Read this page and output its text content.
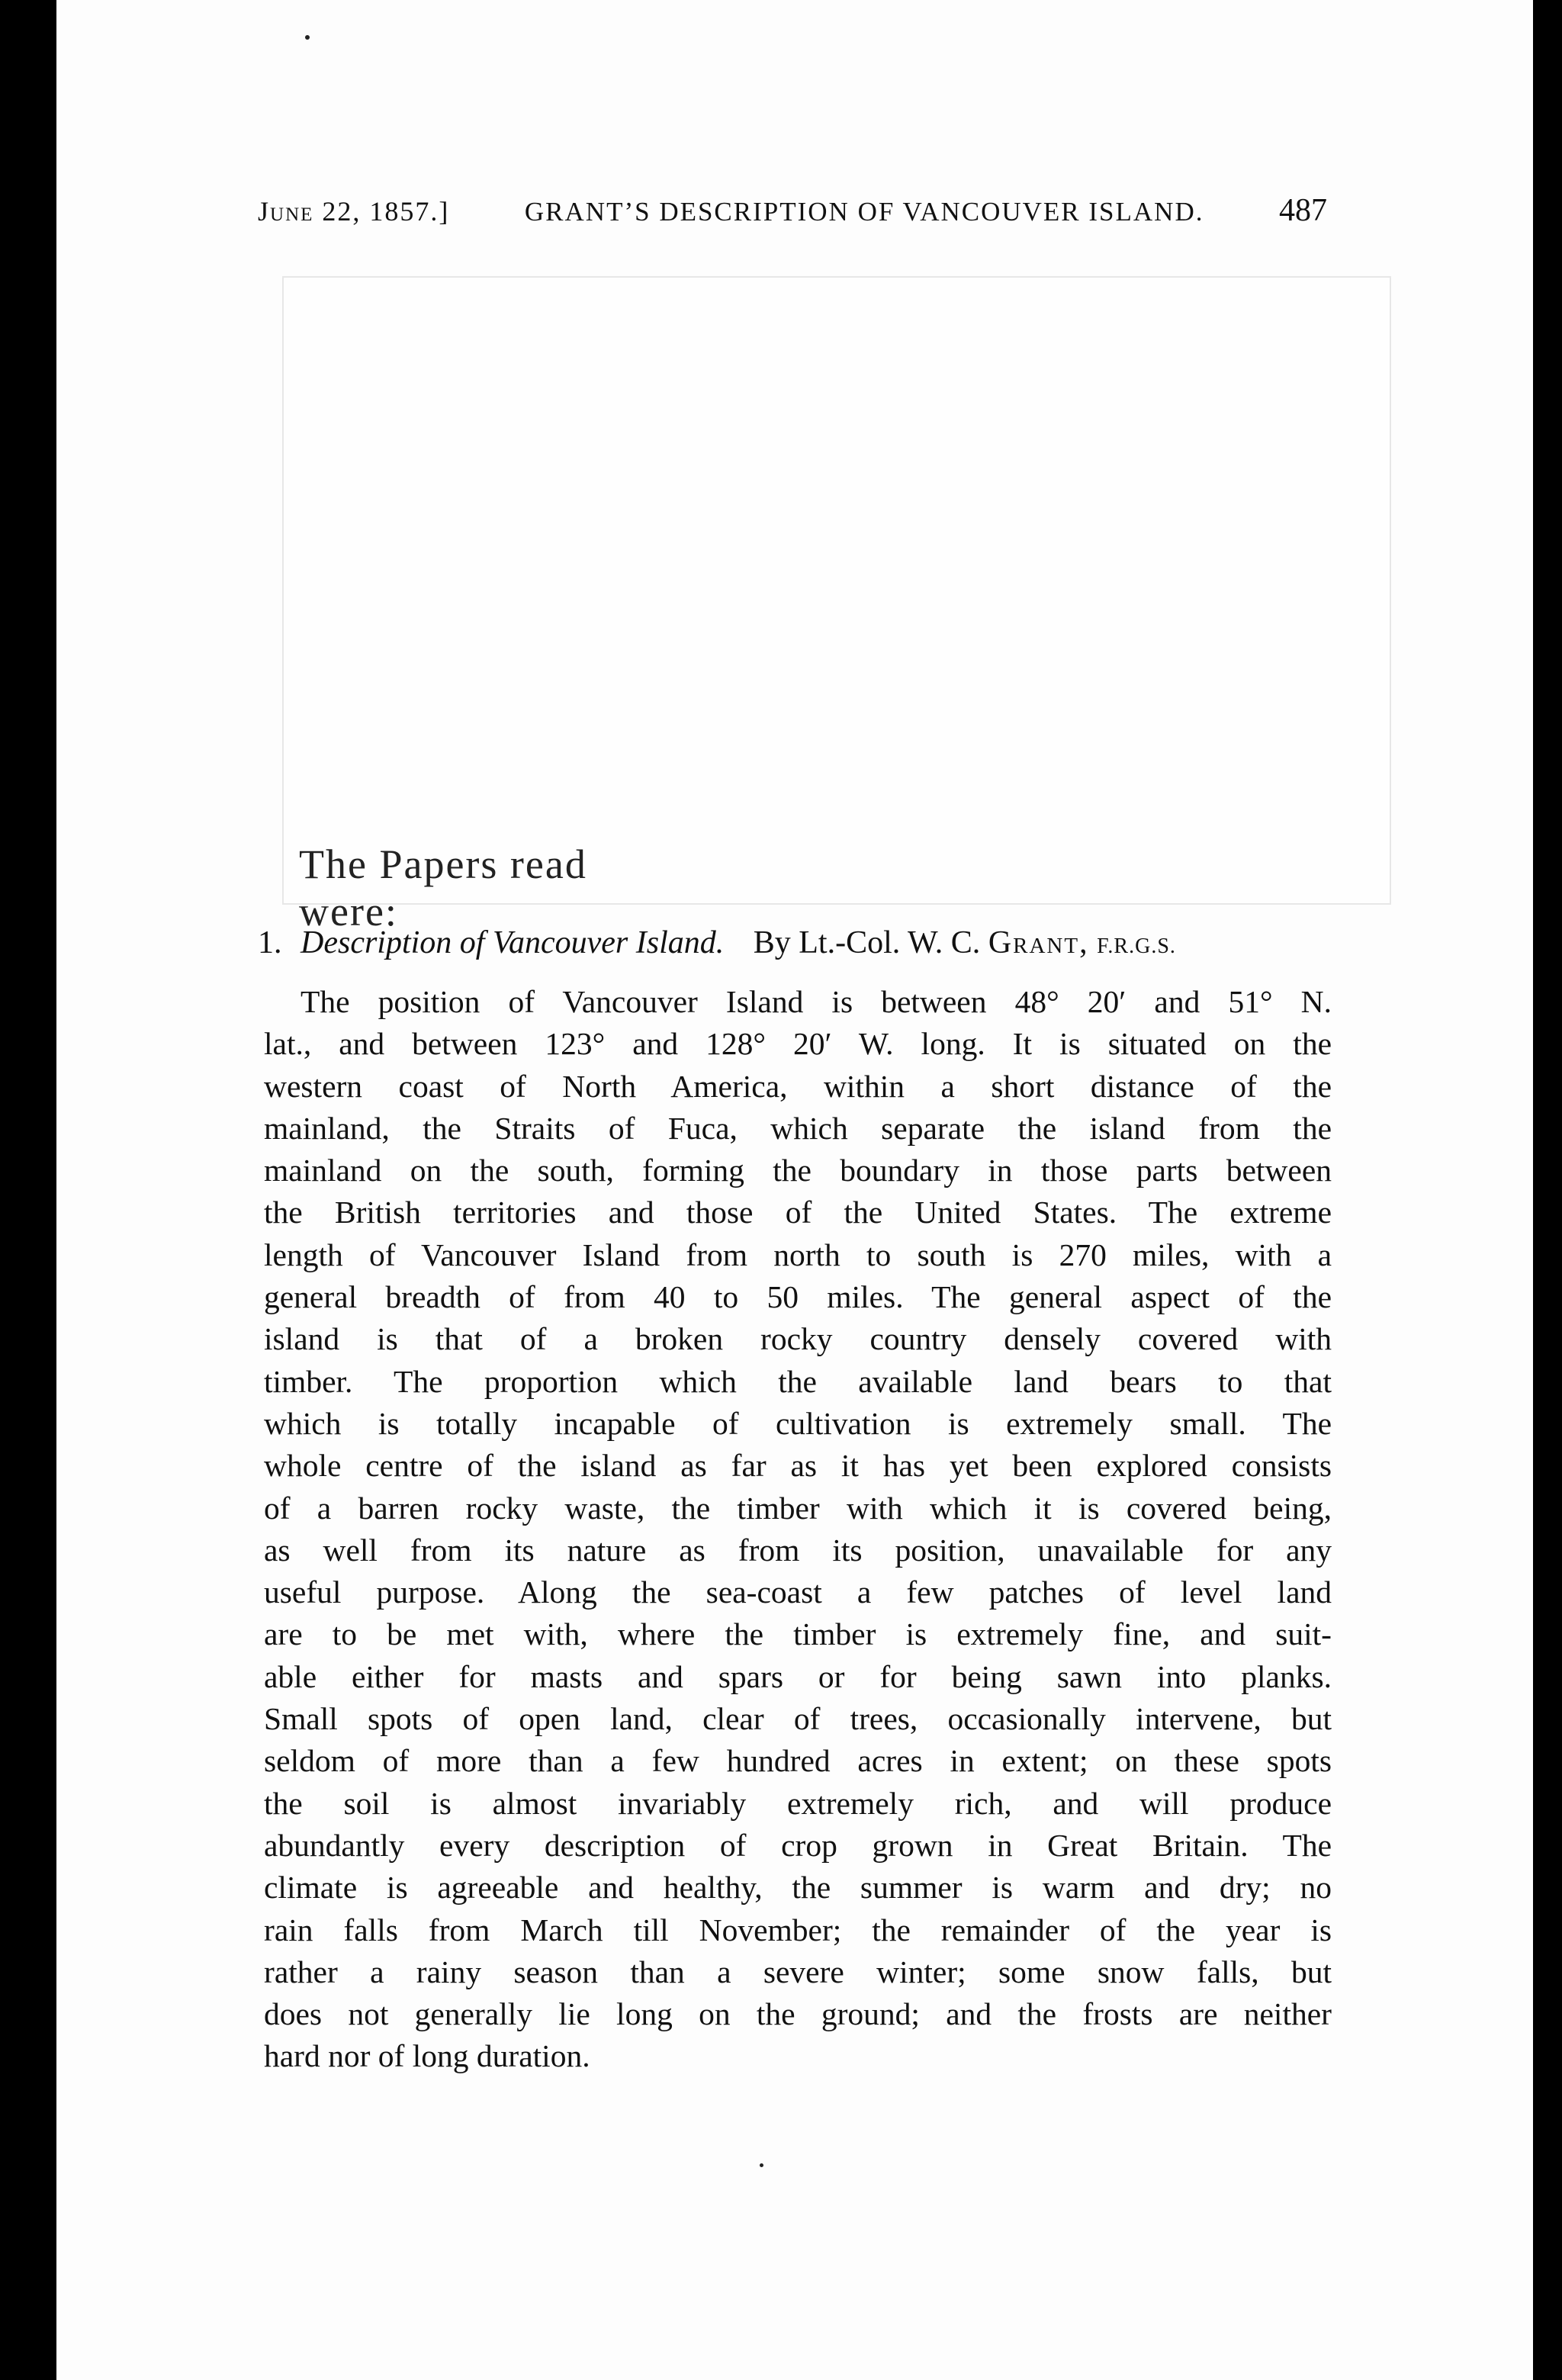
June 22, 1857.]	GRANT’S DESCRIPTION OF VANCOUVER ISLAND. 487
The Papers read were:
1. Description of Vancouver Island. By Lt.-Col. W. C. Grant, F.R.G.S.
The position of Vancouver Island is between 48° 20′ and 51° N.
lat., and between 123° and 128° 20′ W. long. It is situated on the
western coast of North America, within a short distance of the
mainland, the Straits of Fuca, which separate the island from the
mainland on the south, forming the boundary in those parts between
the British territories and those of the United States. The extreme
length of Vancouver Island from north to south is 270 miles, with a
general breadth of from 40 to 50 miles. The general aspect of the
island is that of a broken rocky country densely covered with
timber. The proportion which the available land bears to that
which is totally incapable of cultivation is extremely small. The
whole centre of the island as far as it has yet been explored consists
of a barren rocky waste, the timber with which it is covered being,
as well from its nature as from its position, unavailable for any
useful purpose. Along the sea-coast a few patches of level land
are to be met with, where the timber is extremely fine, and suit-
able either for masts and spars or for being sawn into planks.
Small spots of open land, clear of trees, occasionally intervene, but
seldom of more than a few hundred acres in extent; on these spots
the soil is almost invariably extremely rich, and will produce
abundantly every description of crop grown in Great Britain. The
climate is agreeable and healthy, the summer is warm and dry; no
rain falls from March till November; the remainder of the year is
rather a rainy season than a severe winter; some snow falls, but
does not generally lie long on the ground; and the frosts are neither
hard nor of long duration.
